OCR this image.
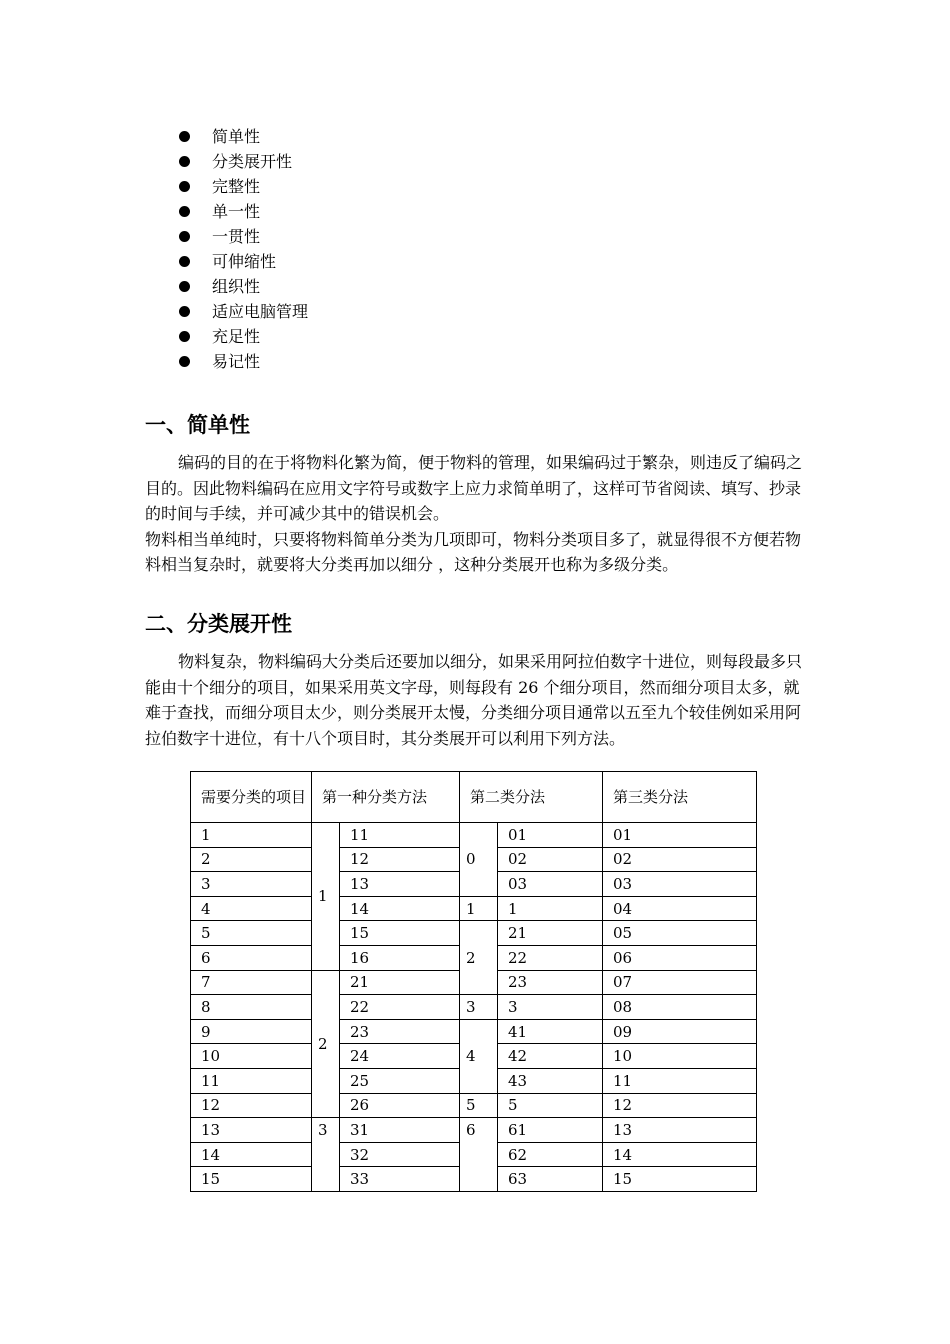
简单性
分类展开性
完整性
单一性
一贯性
可伸缩性
组织性
适应电脑管理
充足性
易记性
一、简单性

编码的目的在于将物料化繁为简，便于物料的管理，如果编码过于繁杂，则违反了编码之目的。因此物料编码在应用文字符号或数字上应力求简单明了，这样可节省阅读、填写、抄录的时间与手续，并可减少其中的错误机会。

物料相当单纯时，只要将物料简单分类为几项即可，物料分类项目多了，就显得很不方便若物料相当复杂时，就要将大分类再加以细分 ，这种分类展开也称为多级分类。

二、分类展开性

物料复杂，物料编码大分类后还要加以细分，如果采用阿拉伯数字十进位，则每段最多只能由十个细分的项目，如果采用英文字母，则每段有 26 个细分项目，然而细分项目太多，就难于查找，而细分项目太少，则分类展开太慢，分类细分项目通常以五至九个较佳例如采用阿拉伯数字十进位，有十八个项目时，其分类展开可以利用下列方法。

需要分类的项目	第一种分类方法		第二类分法		第三类分法
1	1	11	0	01	01
2		12		02	02
3		13		03	03
4		14	1	1	04
5		15	2	21	05
6		16		22	06
7	2	21		23	07
8		22	3	3	08
9		23	4	41	09
10		24		42	10
11		25		43	11
12		26	5	5	12
13	3	31	6	61	13
14		32		62	14
15		33		63	15
